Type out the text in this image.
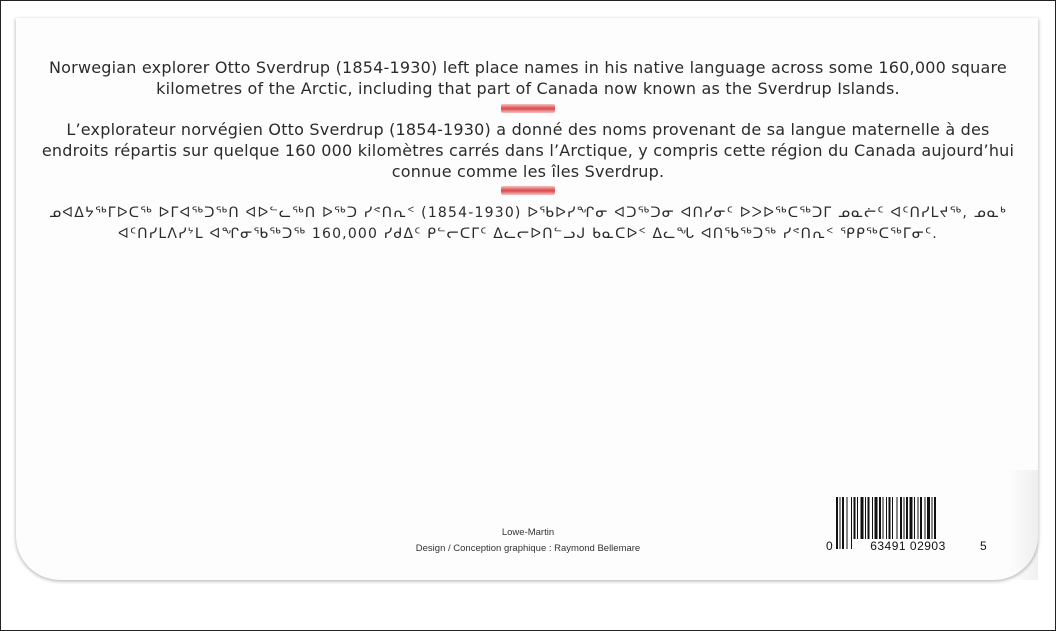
Norwegian explorer Otto Sverdrup (1854-1930) left place names in his native language across some 160,000 square kilometres of the Arctic, including that part of Canada now known as the Sverdrup Islands.
L’explorateur norvégien Otto Sverdrup (1854-1930) a donné des noms provenant de sa langue maternelle à des endroits répartis sur quelque 160 000 kilomètres carrés dans l’Arctique, y compris cette région du Canada aujourd’hui connue comme les îles Sverdrup.
ᓄᐊᐃᔭᖅᒥᐅᑕᖅ ᐅᒥᐊᖅᑐᖅᑎ ᐊᐅᓪᓚᖅᑎ ᐅᖅᑐ ᓯᕝᑎᕆᑉ (1854-1930) ᐅᖃᐅᓯᖏᓂ ᐊᑐᖅᑐᓂ ᐊᑎᓯᓂᑦ ᐅᐳᐅᖅᑕᖅᑐᒥ ᓄᓇᓖᑦ ᐊᑦᑎᓯᒪᔪᖅ, ᓄᓇᒃ ᐊᑦᑎᓯᒪᐱᓯᔾᒪ ᐊᖏᓂᖃᖅᑐᖅ 160,000 ᓯᑯᐃᑦ ᑭᓪᓕᑕᒥᑦ ᐃᓚᓕᐅᑎᓪᓗᒍ ᑲᓇᑕᐅᑉ ᐃᓚᖓ ᐊᑎᖃᖅᑐᖅ ᓯᕝᑎᕆᑉ ᕿᑭᖅᑕᖅᒥᓂᑦ.
Lowe-Martin
Design / Conception graphique : Raymond Bellemare	0	63491 02903	5
